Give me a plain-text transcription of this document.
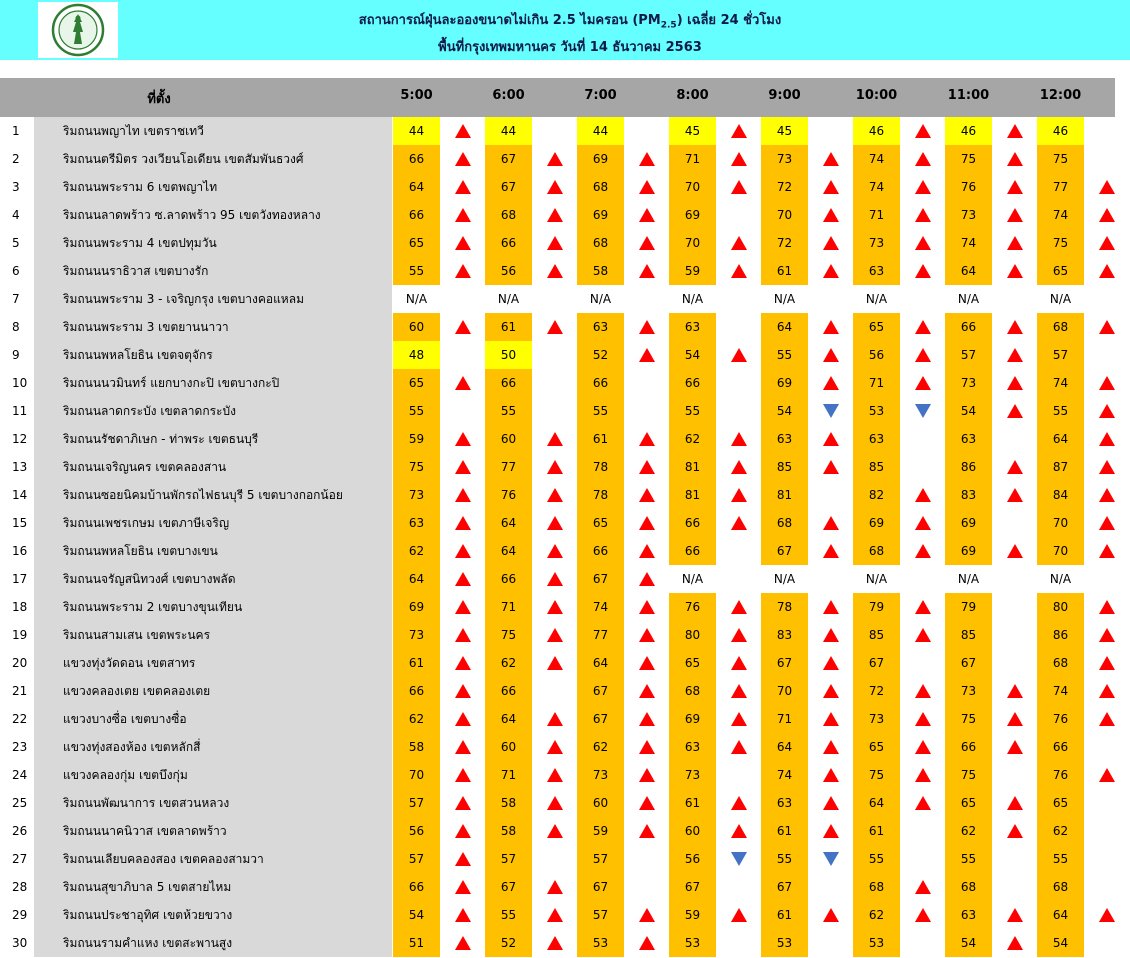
สถานการณ์ฝุ่นละอองขนาดไม่เกิน 2.5 ไมครอน $(PM_{2.5})$ เฉลี่ย 24 ชั่วโมง
พื้นที่กรุงเทพมหานคร วันที่ 14 ธันวาคม 2563
ที่ตั้ง	5:00	6:00	7:00	8:00	9:00	10:00	11:00	12:00
1	ริมถนนพญาไท เขตราชเทวี	44	44	44	45	45	46	46	46
2	ริมถนนตรีมิตร วงเวียนโอเดียน เขตสัมพันธวงศ์	66	67	69	71	73	74	75	75
3	ริมถนนพระราม 6 เขตพญาไท	64	67	68	70	72	74	76	77
4	ริมถนนลาดพร้าว ซ.ลาดพร้าว 95 เขตวังทองหลาง	66	68	69	69	70	71	73	74
5	ริมถนนพระราม 4 เขตปทุมวัน	65	66	68	70	72	73	74	75
6	ริมถนนนราธิวาส เขตบางรัก	55	56	58	59	61	63	64	65
7	ริมถนนพระราม 3 - เจริญกรุง เขตบางคอแหลม	N/A	N/A	N/A	N/A	N/A	N/A	N/A	N/A
8	ริมถนนพระราม 3 เขตยานนาวา	60	61	63	63	64	65	66	68
9	ริมถนนพหลโยธิน เขตจตุจักร	48	50	52	54	55	56	57	57
10	ริมถนนนวมินทร์ แยกบางกะปิ เขตบางกะปิ	65	66	66	66	69	71	73	74
11	ริมถนนลาดกระบัง เขตลาดกระบัง	55	55	55	55	54	53	54	55
12	ริมถนนรัชดาภิเษก - ท่าพระ เขตธนบุรี	59	60	61	62	63	63	63	64
13	ริมถนนเจริญนคร เขตคลองสาน	75	77	78	81	85	85	86	87
14	ริมถนนซอยนิคมบ้านพักรถไฟธนบุรี 5 เขตบางกอกน้อย	73	76	78	81	81	82	83	84
15	ริมถนนเพชรเกษม เขตภาษีเจริญ	63	64	65	66	68	69	69	70
16	ริมถนนพหลโยธิน เขตบางเขน	62	64	66	66	67	68	69	70
17	ริมถนนจรัญสนิทวงศ์ เขตบางพลัด	64	66	67	N/A	N/A	N/A	N/A	N/A
18	ริมถนนพระราม 2 เขตบางขุนเทียน	69	71	74	76	78	79	79	80
19	ริมถนนสามเสน เขตพระนคร	73	75	77	80	83	85	85	86
20	แขวงทุ่งวัดดอน เขตสาทร	61	62	64	65	67	67	67	68
21	แขวงคลองเตย เขตคลองเตย	66	66	67	68	70	72	73	74
22	แขวงบางซื่อ เขตบางซื่อ	62	64	67	69	71	73	75	76
23	แขวงทุ่งสองห้อง เขตหลักสี่	58	60	62	63	64	65	66	66
24	แขวงคลองกุ่ม เขตบึงกุ่ม	70	71	73	73	74	75	75	76
25	ริมถนนพัฒนาการ เขตสวนหลวง	57	58	60	61	63	64	65	65
26	ริมถนนนาคนิวาส เขตลาดพร้าว	56	58	59	60	61	61	62	62
27	ริมถนนเลียบคลองสอง เขตคลองสามวา	57	57	57	56	55	55	55	55
28	ริมถนนสุขาภิบาล 5 เขตสายไหม	66	67	67	67	67	68	68	68
29	ริมถนนประชาอุทิศ เขตห้วยขวาง	54	55	57	59	61	62	63	64
30	ริมถนนรามคำแหง เขตสะพานสูง	51	52	53	53	53	53	54	54
